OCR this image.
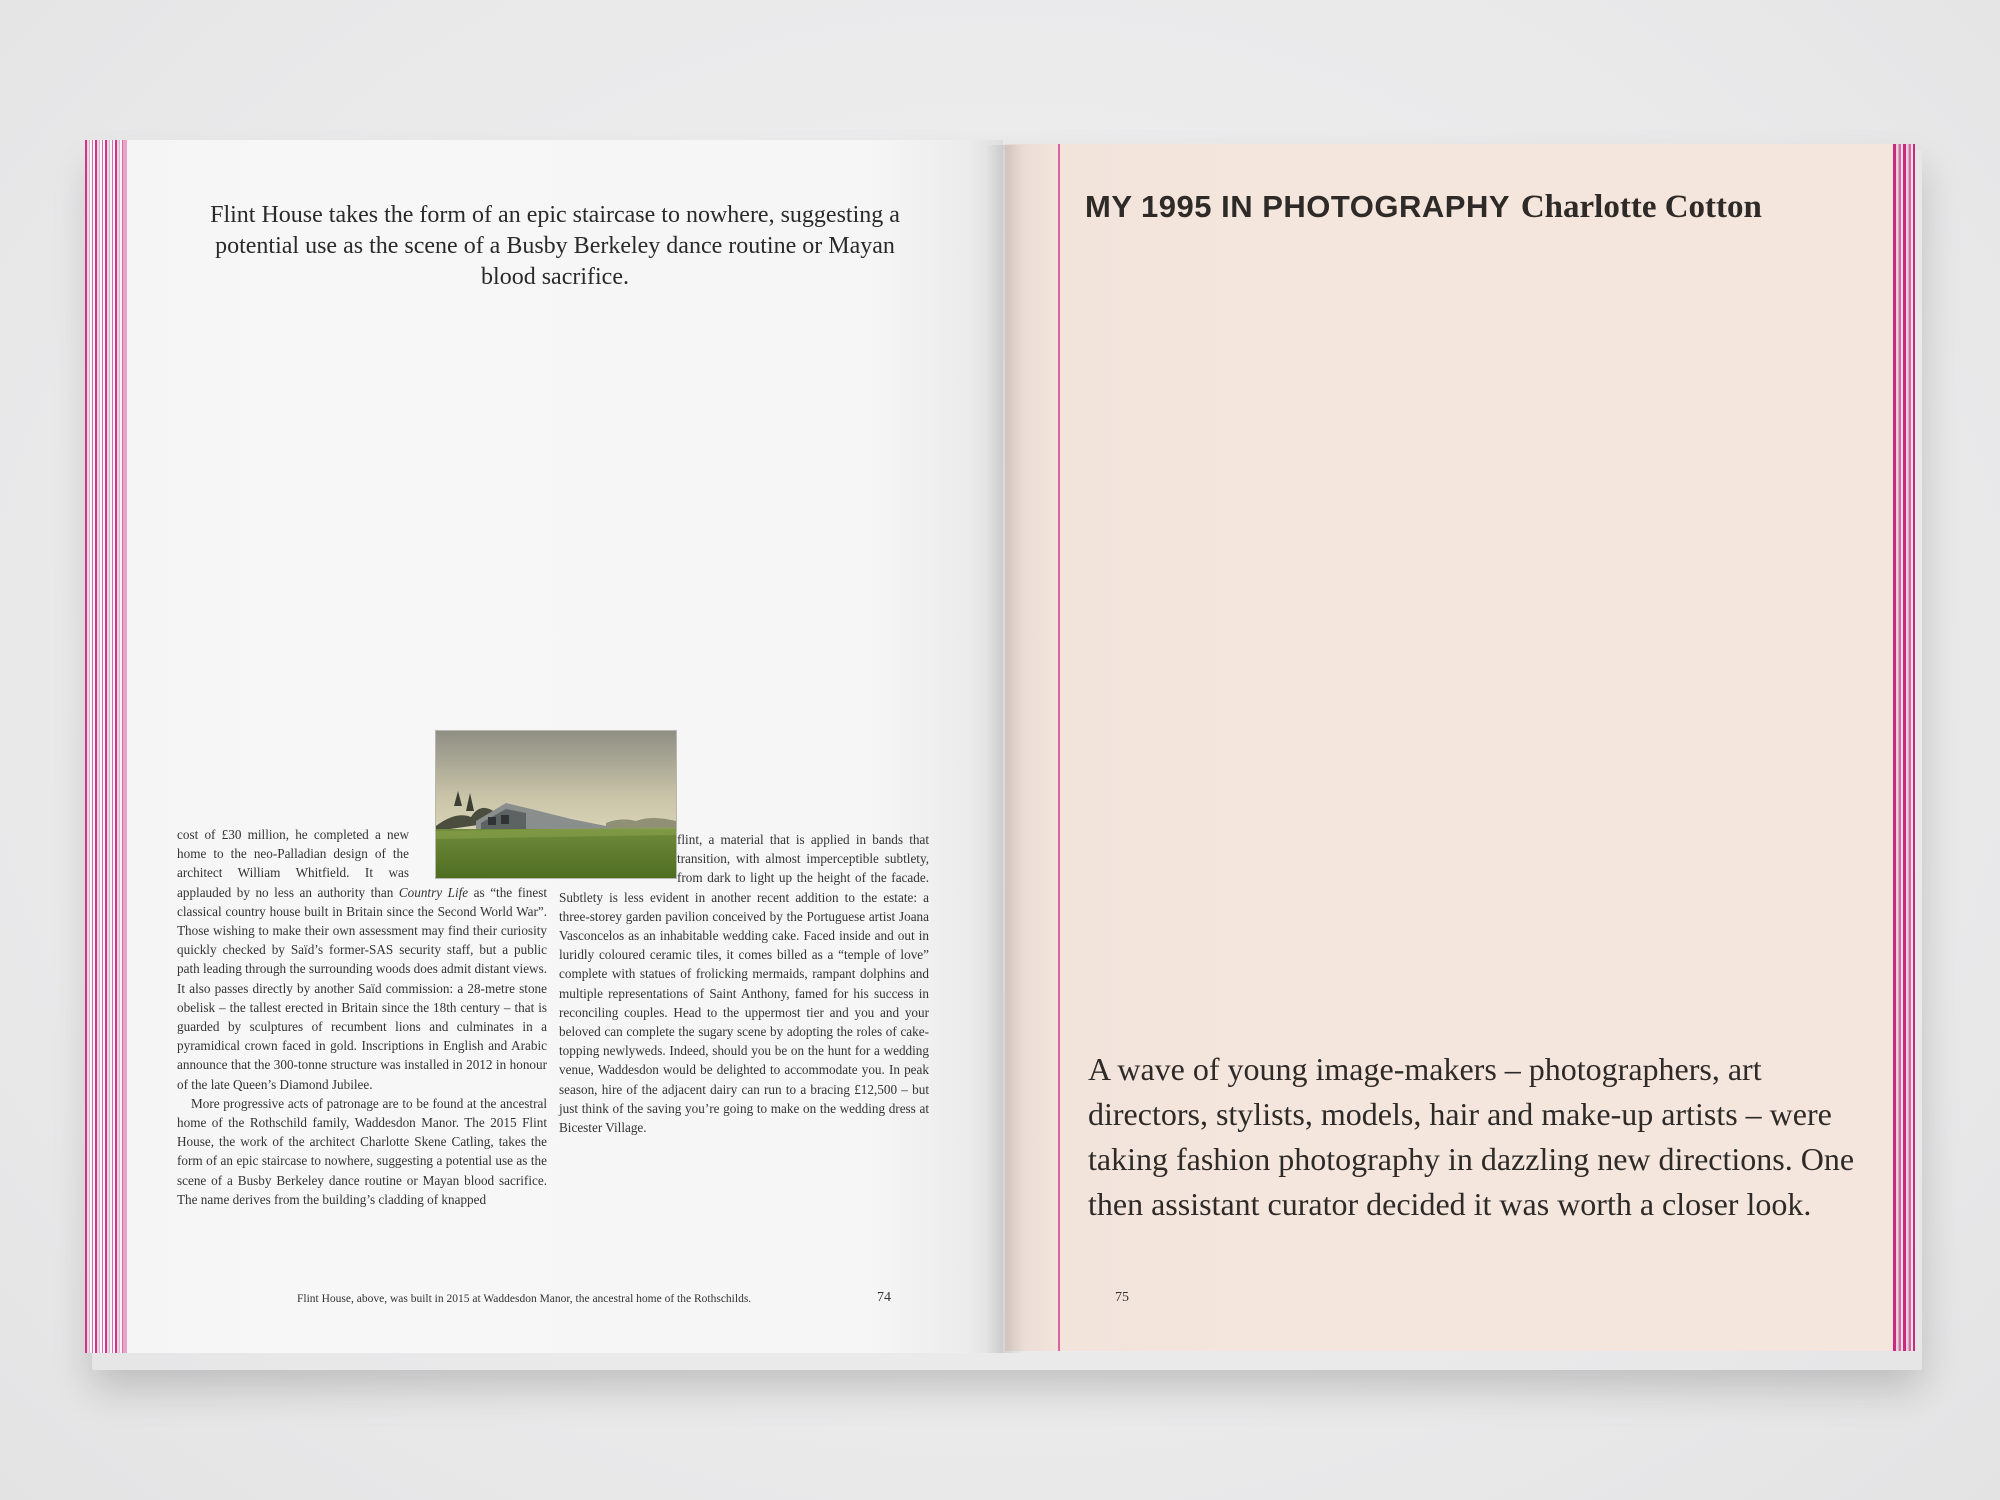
Flint House takes the form of an epic staircase to nowhere, suggesting a potential use as the scene of a Busby Berkeley dance routine or Mayan blood sacrifice.

cost of £30 million, he completed a new home to the neo-Palladian design of the architect William Whitfield. It was applauded by no less an authority than Country Life as “the finest classical country house built in Britain since the Second World War”. Those wishing to make their own assessment may find their curiosity quickly checked by Saïd’s former-SAS security staff, but a public path leading through the surrounding woods does admit distant views. It also passes directly by another Saïd commission: a 28-metre stone obelisk – the tallest erected in Britain since the 18th century – that is guarded by sculptures of recumbent lions and culminates in a pyramidical crown faced in gold. Inscriptions in English and Arabic announce that the 300-tonne structure was installed in 2012 in honour of the late Queen’s Diamond Jubilee.

More progressive acts of patronage are to be found at the ancestral home of the Rothschild family, Waddesdon Manor. The 2015 Flint House, the work of the architect Charlotte Skene Catling, takes the form of an epic staircase to nowhere, suggesting a potential use as the scene of a Busby Berkeley dance routine or Mayan blood sacrifice. The name derives from the building’s cladding of knapped

flint, a material that is applied in bands that transition, with almost imperceptible subtlety, from dark to light up the height of the facade. Subtlety is less evident in another recent addition to the estate: a three-storey garden pavilion conceived by the Portuguese artist Joana Vasconcelos as an inhabitable wedding cake. Faced inside and out in luridly coloured ceramic tiles, it comes billed as a “temple of love” complete with statues of frolicking mermaids, rampant dolphins and multiple representations of Saint Anthony, famed for his success in reconciling couples. Head to the uppermost tier and you and your beloved can complete the sugary scene by adopting the roles of cake-topping newlyweds. Indeed, should you be on the hunt for a wedding venue, Waddesdon would be delighted to accommodate you. In peak season, hire of the adjacent dairy can run to a bracing £12,500 – but just think of the saving you’re going to make on the wedding dress at Bicester Village.

Flint House, above, was built in 2015 at Waddesdon Manor, the ancestral home of the Rothschilds.	74
MY 1995 IN PHOTOGRAPHY Charlotte Cotton

A wave of young image-makers – photographers, art directors, stylists, models, hair and make-up artists – were taking fashion photography in dazzling new directions. One then assistant curator decided it was worth a closer look.

75
